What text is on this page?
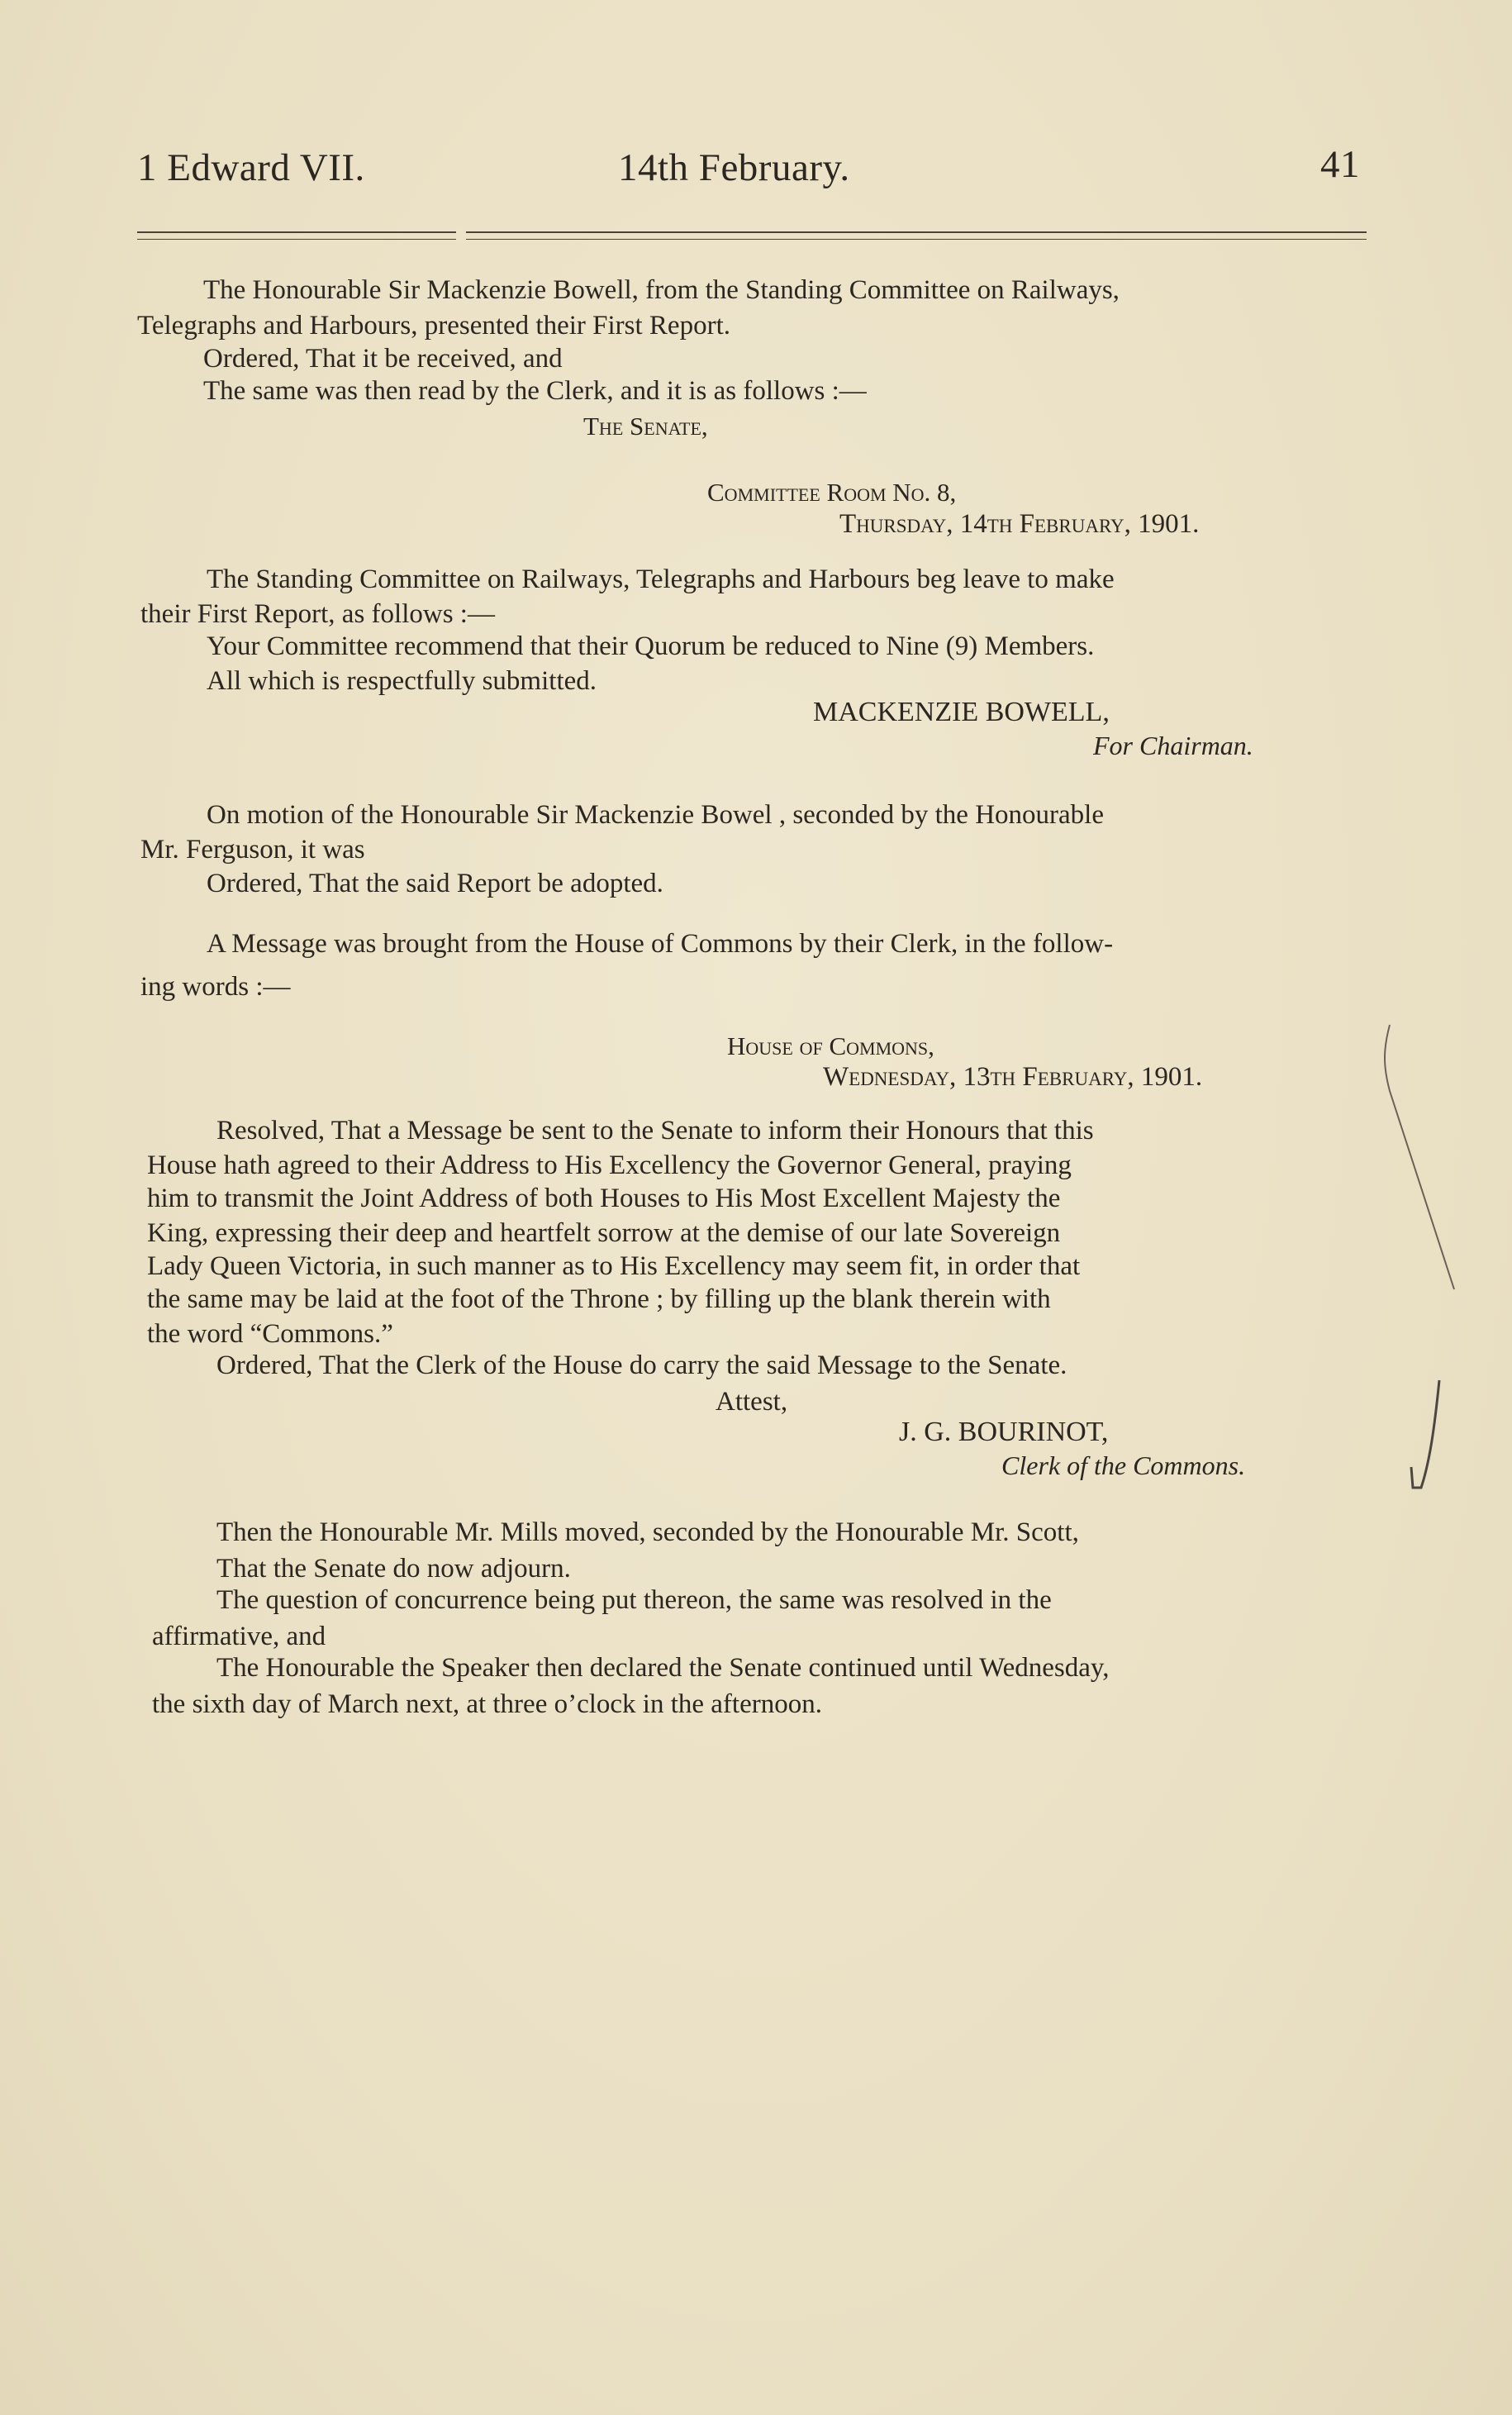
1 Edward VII.	14th February.	41
The Honourable Sir Mackenzie Bowell, from the Standing Committee on Railways,
Telegraphs and Harbours, presented their First Report.
Ordered, That it be received, and
The same was then read by the Clerk, and it is as follows :—
The Senate,
Committee Room No. 8,
Thursday, 14th February, 1901.
The Standing Committee on Railways, Telegraphs and Harbours beg leave to make
their First Report, as follows :—
Your Committee recommend that their Quorum be reduced to Nine (9) Members.
All which is respectfully submitted.
MACKENZIE BOWELL,
For Chairman.
On motion of the Honourable Sir Mackenzie Bowel , seconded by the Honourable
Mr. Ferguson, it was
Ordered, That the said Report be adopted.
A Message was brought from the House of Commons by their Clerk, in the follow-
ing words :—
House of Commons,
Wednesday, 13th February, 1901.
Resolved, That a Message be sent to the Senate to inform their Honours that this
House hath agreed to their Address to His Excellency the Governor General, praying
him to transmit the Joint Address of both Houses to His Most Excellent Majesty the
King, expressing their deep and heartfelt sorrow at the demise of our late Sovereign
Lady Queen Victoria, in such manner as to His Excellency may seem fit, in order that
the same may be laid at the foot of the Throne ; by filling up the blank therein with
the word “Commons.”
Ordered, That the Clerk of the House do carry the said Message to the Senate.
Attest,
J. G. BOURINOT,
Clerk of the Commons.
Then the Honourable Mr. Mills moved, seconded by the Honourable Mr. Scott,
That the Senate do now adjourn.
The question of concurrence being put thereon, the same was resolved in the
affirmative, and
The Honourable the Speaker then declared the Senate continued until Wednesday,
the sixth day of March next, at three o’clock in the afternoon.
